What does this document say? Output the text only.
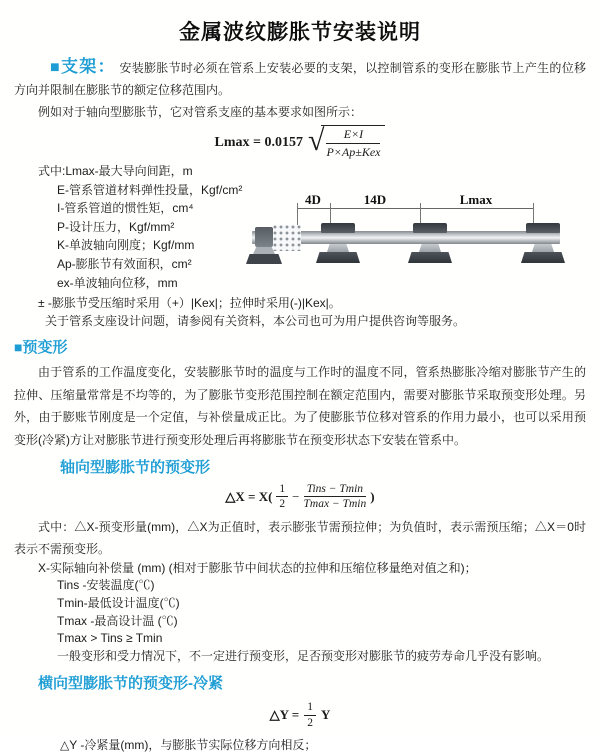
金属波纹膨胀节安装说明

■支架： 安装膨胀节时必须在管系上安装必要的支架，以控制管系的变形在膨胀节上产生的位移方向并限制在膨胀节的额定位移范围内。

例如对于轴向型膨胀节，它对管系支座的基本要求如图所示：

Lmax = 0.0157 √	E×I
P×Ap±Kex
式中:Lmax-最大导向间距，m
E-管系管道材料弹性投量，Kgf/cm²
I-管系管道的惯性矩，cm⁴
P-设计压力，Kgf/mm²
K-单波轴向刚度；Kgf/mm
Ap-膨胀节有效面积，cm²
ex-单波轴向位移，mm
4D	14D	Lmax

± -膨胀节受压缩时采用（+）|Kex|；拉伸时采用(-)|Kex|。

关于管系支座设计问题，请参阅有关资料，本公司也可为用户提供咨询等服务。

■预变形

由于管系的工作温度变化，安装膨胀节时的温度与工作时的温度不同，管系热膨胀冷缩对膨胀节产生的拉伸、压缩量常常是不均等的，为了膨胀节变形范围控制在额定范围内，需要对膨胀节采取预变形处理。另外，由于膨账节刚度是一个定值，与补偿量成正比。为了使膨胀节位移对管系的作用力最小，也可以采用预变形(冷紧)方让对膨胀节进行预变形处理后再将膨胀节在预变形状态下安装在管系中。

轴向型膨胀节的预变形
△X = $X( \frac{1}{2}$ − Tins − Tmin
Tmax − Tmin
)

式中：△X-预变形量(mm)，△X为正值时，表示膨张节需预拉伸；为负值时，表示需预压缩；△X＝0时表示不需预变形。

X-实际轴向补偿量 (mm) (相对于膨胀节中间状态的拉伸和压缩位移量绝对值之和)；
Tins -安装温度(℃)
Tmin-最低设计温度(℃)
Tmax -最高设计温 (℃)
Tmax > Tins ≥ Tmin
一般变形和受力情况下，不一定进行预变形，足否预变形对膨胀节的疲劳寿命几乎没有影响。
横向型膨胀节的预变形-冷紧
△Y = $\frac{1}{2}$ Y

△Y -冷紧量(mm)，与膨胀节实际位移方向相反；
